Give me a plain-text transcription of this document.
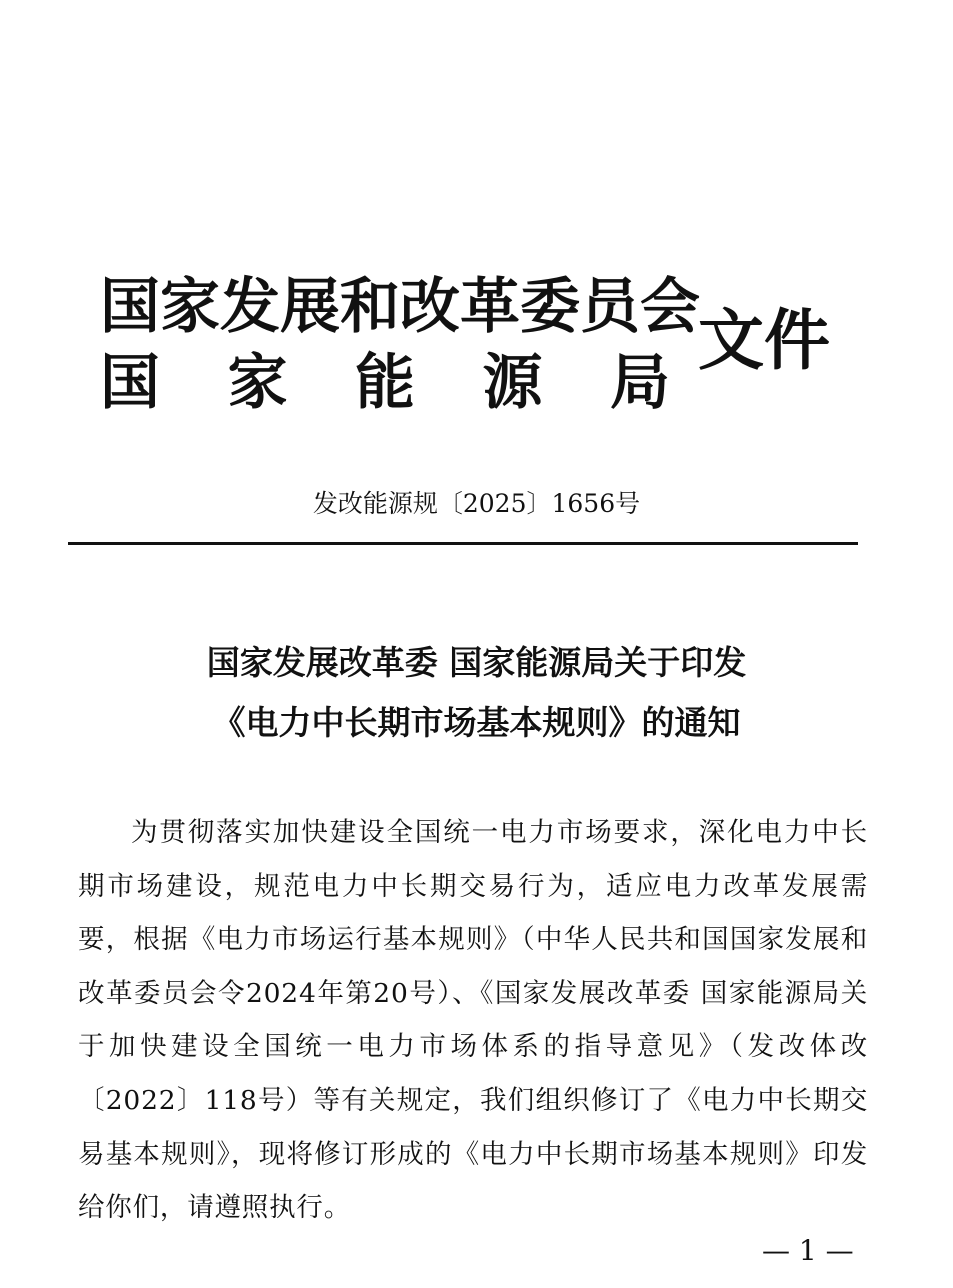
国家发展和改革委员会
国 家 能 源 局
文件
发改能源规〔2025〕1656号
国家发展改革委 国家能源局关于印发
《电力中长期市场基本规则》的通知
为贯彻落实加快建设全国统一电力市场要求，深化电力中长期市场建设，规范电力中长期交易行为，适应电力改革发展需要，根据《电力市场运行基本规则》（中华人民共和国国家发展和改革委员会令2024年第20号）、《国家发展改革委 国家能源局关于加快建设全国统一电力市场体系的指导意见》（发改体改〔2022〕118号）等有关规定，我们组织修订了《电力中长期交易基本规则》，现将修订形成的《电力中长期市场基本规则》印发给你们，请遵照执行。
— 1 —
